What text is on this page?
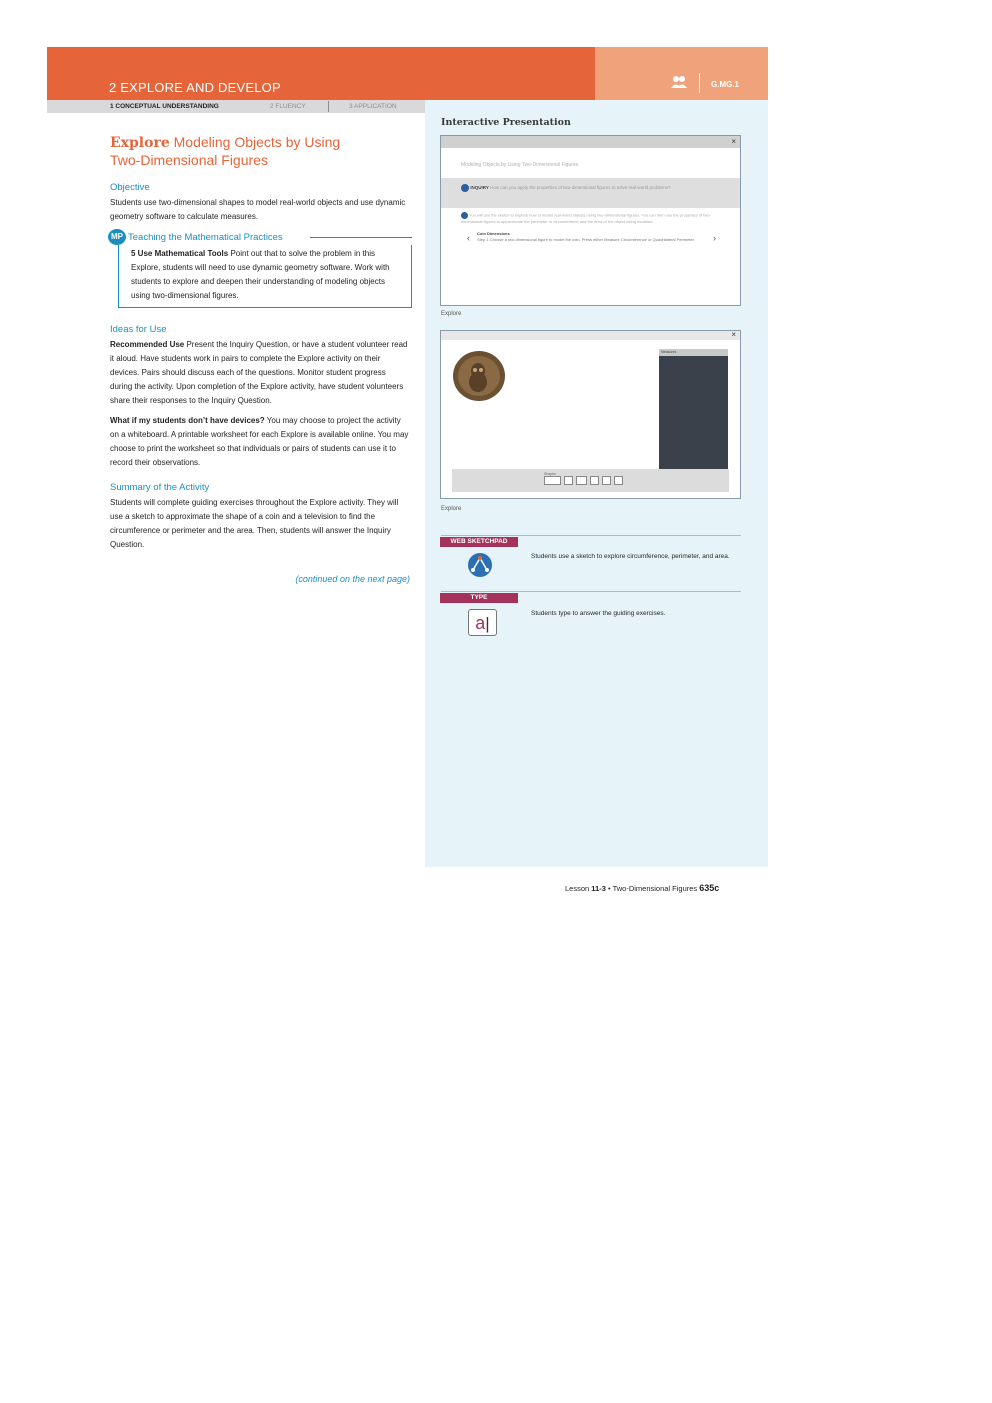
2 EXPLORE AND DEVELOP	G.MG.1
1 CONCEPTUAL UNDERSTANDING	2 FLUENCY	3 APPLICATION
Explore Modeling Objects by Using
Two-Dimensional Figures
Objective
Students use two-dimensional shapes to model real-world objects and use dynamic geometry software to calculate measures.
MP Teaching the Mathematical Practices
5 Use Mathematical Tools Point out that to solve the problem in this Explore, students will need to use dynamic geometry software. Work with students to explore and deepen their understanding of modeling objects using two-dimensional figures.
Ideas for Use
Recommended Use Present the Inquiry Question, or have a student volunteer read it aloud. Have students work in pairs to complete the Explore activity on their devices. Pairs should discuss each of the questions. Monitor student progress during the activity. Upon completion of the Explore activity, have student volunteers share their responses to the Inquiry Question.
What if my students don’t have devices? You may choose to project the activity on a whiteboard. A printable worksheet for each Explore is available online. You may choose to print the worksheet so that individuals or pairs of students can use it to record their observations.
Summary of the Activity
Students will complete guiding exercises throughout the Explore activity. They will use a sketch to approximate the shape of a coin and a television to find the circumference or perimeter and the area. Then, students will answer the Inquiry Question.
(continued on the next page)
Interactive Presentation
×
Modeling Objects by Using Two-Dimensional Figures
INQUIRY How can you apply the properties of two-dimensional figures to solve real-world problems?
You will use the sketch to explore how to model real-world objects using two-dimensional figures. You can then use the properties of two-dimensional figures to approximate the perimeter or circumference and the area of the object being modeled.
‹ Coin Dimensions
Step 1 Choose a two-dimensional figure to model the coin. Press either Measure Circumference or Quadrilateral Perimeter. ›
Explore
×
Measures
Shapes
Explore
WEB SKETCHPAD
Students use a sketch to explore circumference, perimeter, and area.
TYPE
a|
Students type to answer the guiding exercises.
Lesson 11-3 • Two-Dimensional Figures 635c
